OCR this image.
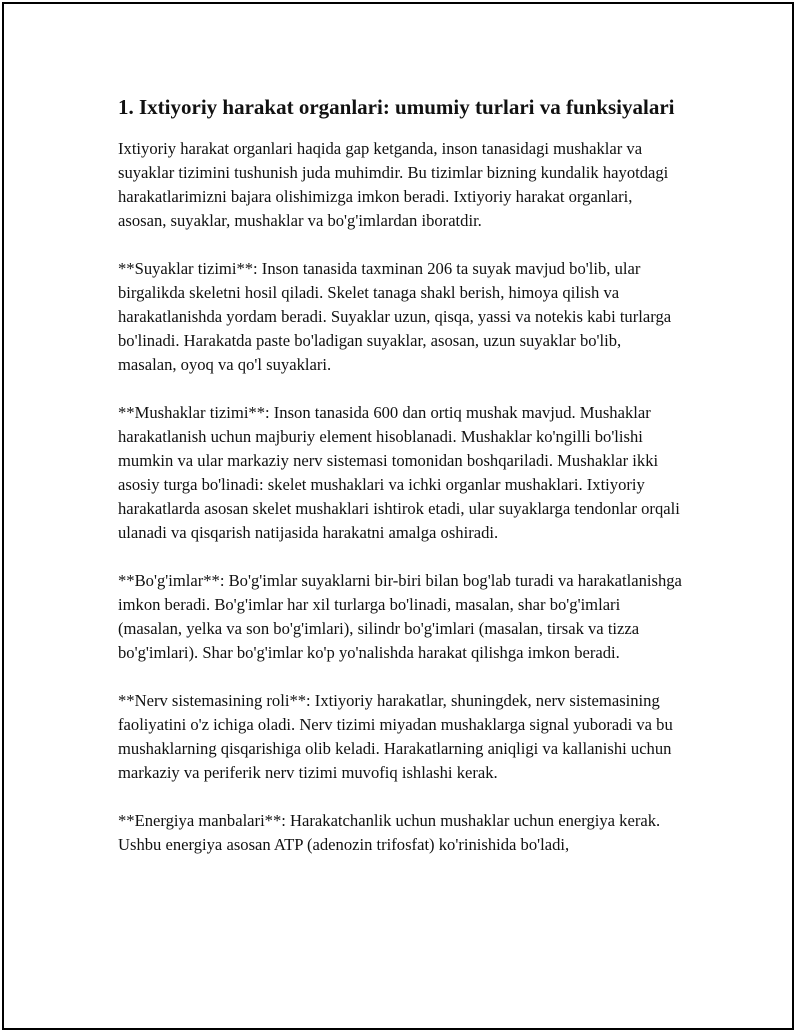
1. Ixtiyoriy harakat organlari: umumiy turlari va funksiyalari

Ixtiyoriy harakat organlari haqida gap ketganda, inson tanasidagi mushaklar va suyaklar tizimini tushunish juda muhimdir. Bu tizimlar bizning kundalik hayotdagi harakatlarimizni bajara olishimizga imkon beradi. Ixtiyoriy harakat organlari, asosan, suyaklar, mushaklar va bo'g'imlardan iboratdir.

**Suyaklar tizimi**: Inson tanasida taxminan 206 ta suyak mavjud bo'lib, ular birgalikda skeletni hosil qiladi. Skelet tanaga shakl berish, himoya qilish va harakatlanishda yordam beradi. Suyaklar uzun, qisqa, yassi va notekis kabi turlarga bo'linadi. Harakatda paste bo'ladigan suyaklar, asosan, uzun suyaklar bo'lib, masalan, oyoq va qo'l suyaklari.

**Mushaklar tizimi**: Inson tanasida 600 dan ortiq mushak mavjud. Mushaklar harakatlanish uchun majburiy element hisoblanadi. Mushaklar ko'ngilli bo'lishi mumkin va ular markaziy nerv sistemasi tomonidan boshqariladi. Mushaklar ikki asosiy turga bo'linadi: skelet mushaklari va ichki organlar mushaklari. Ixtiyoriy harakatlarda asosan skelet mushaklari ishtirok etadi, ular suyaklarga tendonlar orqali ulanadi va qisqarish natijasida harakatni amalga oshiradi.

**Bo'g'imlar**: Bo'g'imlar suyaklarni bir-biri bilan bog'lab turadi va harakatlanishga imkon beradi. Bo'g'imlar har xil turlarga bo'linadi, masalan, shar bo'g'imlari (masalan, yelka va son bo'g'imlari), silindr bo'g'imlari (masalan, tirsak va tizza bo'g'imlari). Shar bo'g'imlar ko'p yo'nalishda harakat qilishga imkon beradi.

**Nerv sistemasining roli**: Ixtiyoriy harakatlar, shuningdek, nerv sistemasining faoliyatini o'z ichiga oladi. Nerv tizimi miyadan mushaklarga signal yuboradi va bu mushaklarning qisqarishiga olib keladi. Harakatlarning aniqligi va kallanishi uchun markaziy va periferik nerv tizimi muvofiq ishlashi kerak.

**Energiya manbalari**: Harakatchanlik uchun mushaklar uchun energiya kerak. Ushbu energiya asosan ATP (adenozin trifosfat) ko'rinishida bo'ladi,
